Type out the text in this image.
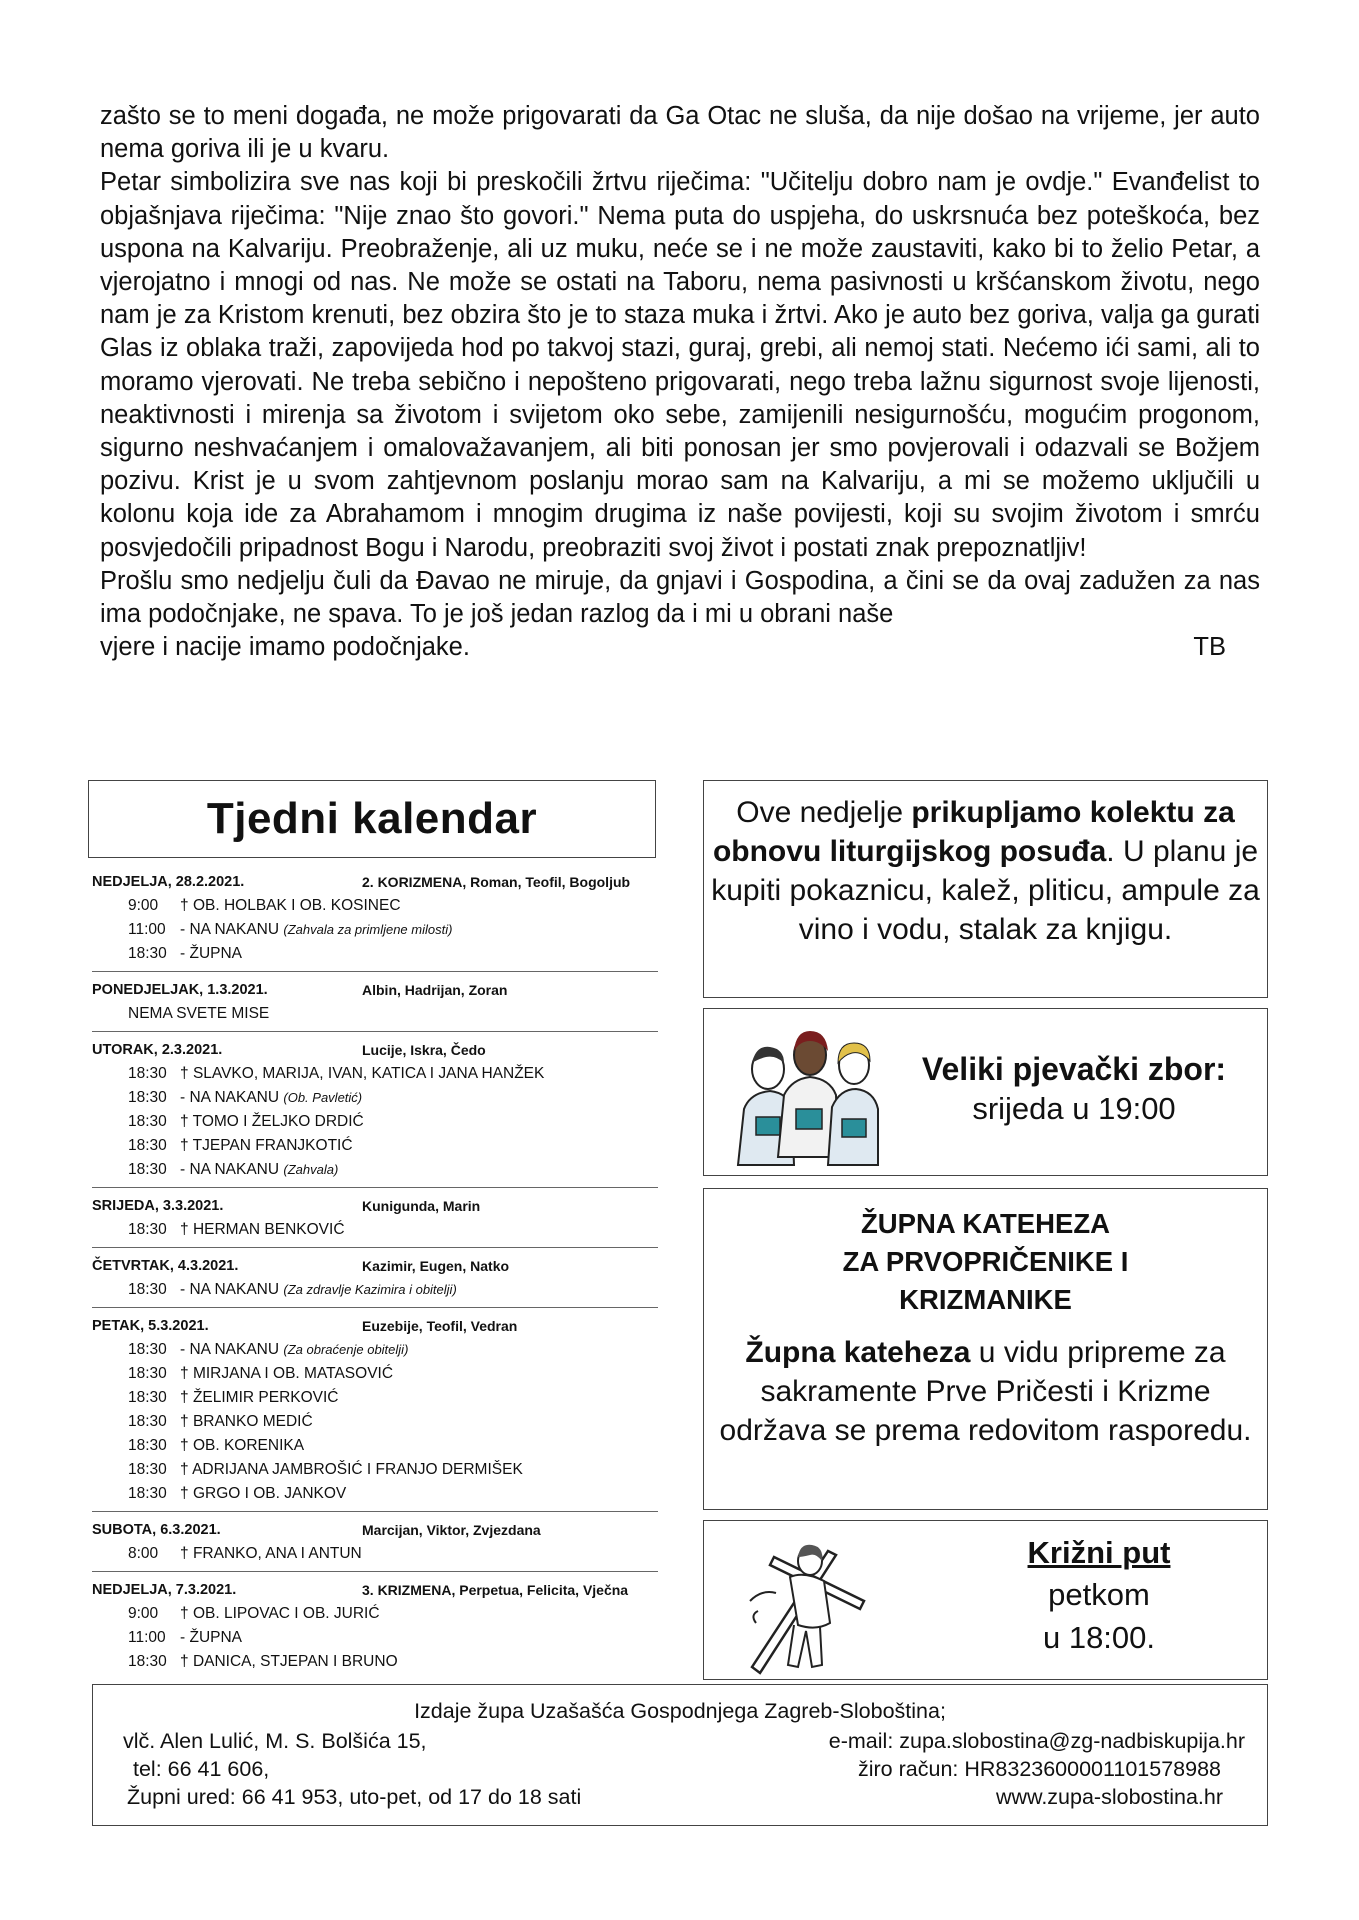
zašto se to meni događa, ne može prigovarati da Ga Otac ne sluša, da nije došao na vrijeme, jer auto nema goriva ili je u kvaru.

Petar simbolizira sve nas koji bi preskočili žrtvu riječima: "Učitelju dobro nam je ovdje." Evanđelist to objašnjava riječima: "Nije znao što govori." Nema puta do uspjeha, do uskrsnuća bez poteškoća, bez uspona na Kalvariju. Preobraženje, ali uz muku, neće se i ne može zaustaviti, kako bi to želio Petar, a vjerojatno i mnogi od nas. Ne može se ostati na Taboru, nema pasivnosti u kršćanskom životu, nego nam je za Kristom krenuti, bez obzira što je to staza muka i žrtvi. Ako je auto bez goriva, valja ga gurati Glas iz oblaka traži, zapovijeda hod po takvoj stazi, guraj, grebi, ali nemoj stati. Nećemo ići sami, ali to moramo vjerovati. Ne treba sebično i nepošteno prigovarati, nego treba lažnu sigurnost svoje lijenosti, neaktivnosti i mirenja sa životom i svijetom oko sebe, zamijenili nesigurnošću, mogućim progonom, sigurno neshvaćanjem i omalovažavanjem, ali biti ponosan jer smo povjerovali i odazvali se Božjem pozivu. Krist je u svom zahtjevnom poslanju morao sam na Kalvariju, a mi se možemo uključili u kolonu koja ide za Abrahamom i mnogim drugima iz naše povijesti, koji su svojim životom i smrću posvjedočili pripadnost Bogu i Narodu, preobraziti svoj život i postati znak prepoznatljiv!

Prošlu smo nedjelju čuli da Đavao ne miruje, da gnjavi i Gospodina, a čini se da ovaj zadužen za nas ima podočnjake, ne spava. To je još jedan razlog da i mi u obrani naše

vjere i nacije imamo podočnjake.	TB

Tjedni kalendar
NEDJELJA, 28.2.2021.	2. KORIZMENA, Roman, Teofil, Bogoljub
9:00 † OB. HOLBAK I OB. KOSINEC
11:00 - NA NAKANU (Zahvala za primljene milosti)
18:30 - ŽUPNA
PONEDJELJAK, 1.3.2021.	Albin, Hadrijan, Zoran
NEMA SVETE MISE
UTORAK, 2.3.2021.	Lucije, Iskra, Čedo
18:30 † SLAVKO, MARIJA, IVAN, KATICA I JANA HANŽEK
18:30 - NA NAKANU (Ob. Pavletić)
18:30 † TOMO I ŽELJKO DRDIĆ
18:30 † TJEPAN FRANJKOTIĆ
18:30 - NA NAKANU (Zahvala)
SRIJEDA, 3.3.2021.	Kunigunda, Marin
18:30 † HERMAN BENKOVIĆ
ČETVRTAK, 4.3.2021.	Kazimir, Eugen, Natko
18:30 - NA NAKANU (Za zdravlje Kazimira i obitelji)
PETAK, 5.3.2021.	Euzebije, Teofil, Vedran
18:30 - NA NAKANU (Za obraćenje obitelji)
18:30 † MIRJANA I OB. MATASOVIĆ
18:30 † ŽELIMIR PERKOVIĆ
18:30 † BRANKO MEDIĆ
18:30 † OB. KORENIKA
18:30 † ADRIJANA JAMBROŠIĆ I FRANJO DERMIŠEK
18:30 † GRGO I OB. JANKOV
SUBOTA, 6.3.2021.	Marcijan, Viktor, Zvjezdana
8:00 † FRANKO, ANA I ANTUN
NEDJELJA, 7.3.2021.	3. KRIZMENA, Perpetua, Felicita, Vječna
9:00 † OB. LIPOVAC I OB. JURIĆ
11:00 - ŽUPNA
18:30 † DANICA, STJEPAN I BRUNO
Ove nedjelje prikupljamo kolektu za obnovu liturgijskog posuđa. U planu je kupiti pokaznicu, kalež, pliticu, ampule za vino i vodu, stalak za knjigu.
Veliki pjevački zbor:
srijeda u 19:00
ŽUPNA KATEHEZA
ZA PRVOPRIČENIKE I
KRIZMANIKE
Župna kateheza u vidu pripreme za sakramente Prve Pričesti i Krizme održava se prema redovitom rasporedu.
Križni put
petkom
u 18:00.
Izdaje župa Uzašašća Gospodnjega Zagreb-Sloboština;
vlč. Alen Lulić, M. S. Bolšića 15,
tel: 66 41 606,
Župni ured: 66 41 953, uto-pet, od 17 do 18 sati
e-mail: zupa.slobostina@zg-nadbiskupija.hr
žiro račun: HR8323600001101578988
www.zupa-slobostina.hr
